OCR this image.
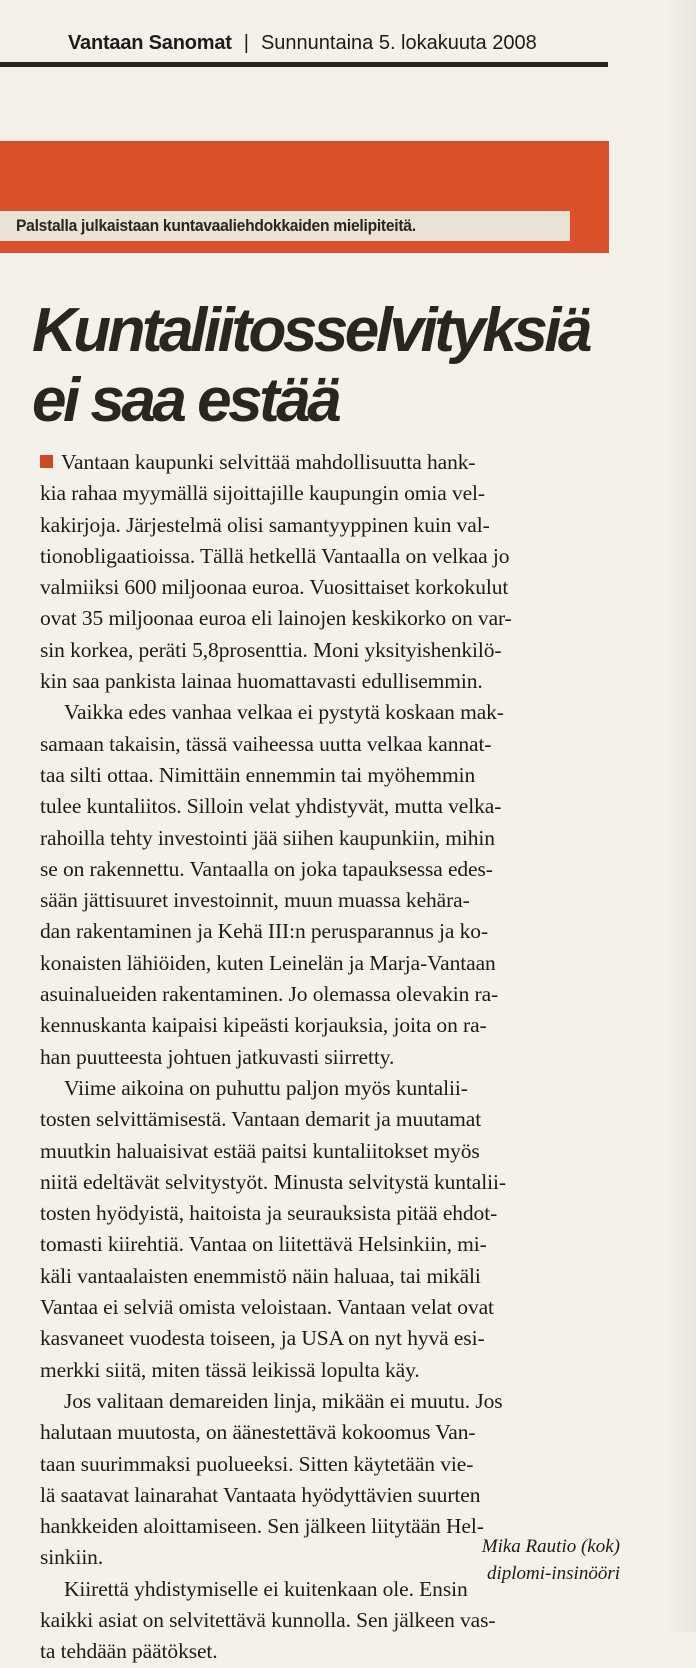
Vantaan Sanomat | Sunnuntaina 5. lokakuuta 2008
Palstalla julkaistaan kuntavaaliehdokkaiden mielipiteitä.
Kuntaliitosselvityksiä
ei saa estää
Vantaan kaupunki selvittää mahdollisuutta hank-
kia rahaa myymällä sijoittajille kaupungin omia vel-
kakirjoja. Järjestelmä olisi samantyyppinen kuin val-
tionobligaatioissa. Tällä hetkellä Vantaalla on velkaa jo
valmiiksi 600 miljoonaa euroa. Vuosittaiset korkokulut
ovat 35 miljoonaa euroa eli lainojen keskikorko on var-
sin korkea, peräti 5,8prosenttia. Moni yksityishenkilö-
kin saa pankista lainaa huomattavasti edullisemmin.
Vaikka edes vanhaa velkaa ei pystytä koskaan mak-
samaan takaisin, tässä vaiheessa uutta velkaa kannat-
taa silti ottaa. Nimittäin ennemmin tai myöhemmin
tulee kuntaliitos. Silloin velat yhdistyvät, mutta velka-
rahoilla tehty investointi jää siihen kaupunkiin, mihin
se on rakennettu. Vantaalla on joka tapauksessa edes-
sään jättisuuret investoinnit, muun muassa kehära-
dan rakentaminen ja Kehä III:n perusparannus ja ko-
konaisten lähiöiden, kuten Leinelän ja Marja-Vantaan
asuinalueiden rakentaminen. Jo olemassa olevakin ra-
kennuskanta kaipaisi kipeästi korjauksia, joita on ra-
han puutteesta johtuen jatkuvasti siirretty.
Viime aikoina on puhuttu paljon myös kuntalii-
tosten selvittämisestä. Vantaan demarit ja muutamat
muutkin haluaisivat estää paitsi kuntaliitokset myös
niitä edeltävät selvitystyöt. Minusta selvitystä kuntalii-
tosten hyödyistä, haitoista ja seurauksista pitää ehdot-
tomasti kiirehtiä. Vantaa on liitettävä Helsinkiin, mi-
käli vantaalaisten enemmistö näin haluaa, tai mikäli
Vantaa ei selviä omista veloistaan. Vantaan velat ovat
kasvaneet vuodesta toiseen, ja USA on nyt hyvä esi-
merkki siitä, miten tässä leikissä lopulta käy.
Jos valitaan demareiden linja, mikään ei muutu. Jos
halutaan muutosta, on äänestettävä kokoomus Van-
taan suurimmaksi puolueeksi. Sitten käytetään vie-
lä saatavat lainarahat Vantaata hyödyttävien suurten
hankkeiden aloittamiseen. Sen jälkeen liitytään Hel-
sinkiin.
Kiirettä yhdistymiselle ei kuitenkaan ole. Ensin
kaikki asiat on selvitettävä kunnolla. Sen jälkeen vas-
ta tehdään päätökset.
Mika Rautio (kok)
diplomi-insinööri
